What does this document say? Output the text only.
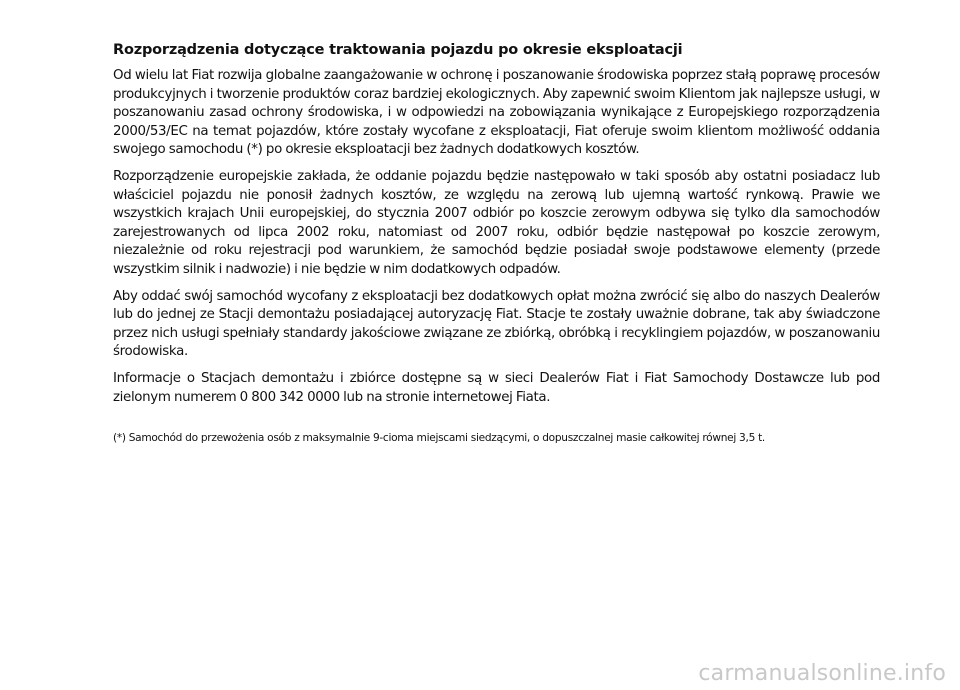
Rozporządzenia dotyczące traktowania pojazdu po okresie eksploatacji

Od wielu lat Fiat rozwija globalne zaangażowanie w ochronę i poszanowanie środowiska poprzez stałą poprawę procesów produkcyjnych i tworzenie produktów coraz bardziej ekologicznych. Aby zapewnić swoim Klientom jak najlepsze usługi, w poszanowaniu zasad ochrony środowiska, i w odpowiedzi na zobowiązania wynikające z Europejskiego rozporządzenia 2000/53/EC na temat pojazdów, które zostały wycofane z eksploatacji, Fiat oferuje swoim klientom możliwość oddania swojego samochodu (*) po okresie eksploatacji bez żadnych dodatkowych kosztów.

Rozporządzenie europejskie zakłada, że oddanie pojazdu będzie następowało w taki sposób aby ostatni posiadacz lub właściciel pojazdu nie ponosił żadnych kosztów, ze względu na zerową lub ujemną wartość rynkową. Prawie we wszystkich krajach Unii europejskiej, do stycznia 2007 odbiór po koszcie zerowym odbywa się tylko dla samochodów zarejestrowanych od lipca 2002 roku, natomiast od 2007 roku, odbiór będzie następował po koszcie zerowym, niezależnie od roku rejestracji pod warunkiem, że samochód będzie posiadał swoje podstawowe elementy (przede wszystkim silnik i nadwozie) i nie będzie w nim dodatkowych odpadów.

Aby oddać swój samochód wycofany z eksploatacji bez dodatkowych opłat można zwrócić się albo do naszych Dealerów lub do jednej ze Stacji demontażu posiadającej autoryzację Fiat. Stacje te zostały uważnie dobrane, tak aby świadczone przez nich usługi spełniały standardy jakościowe związane ze zbiórką, obróbką i recyklingiem pojazdów, w poszanowaniu środowiska.

Informacje o Stacjach demontażu i zbiórce dostępne są w sieci Dealerów Fiat i Fiat Samochody Dostawcze lub pod zielonym numerem 0 800 342 0000 lub na stronie internetowej Fiata.

(*) Samochód do przewożenia osób z maksymalnie 9-cioma miejscami siedzącymi, o dopuszczalnej masie całkowitej równej 3,5 t.

carmanualsonline.info
